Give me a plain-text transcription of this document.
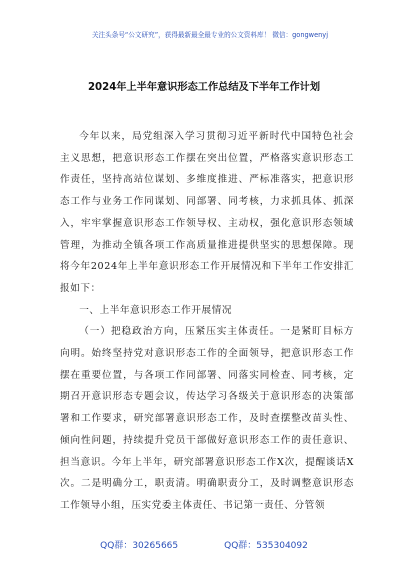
关注头条号“公文研究”，获得最新最全最专业的公文资料库！ 微信：gongwenyj
2024年上半年意识形态工作总结及下半年工作计划

今年以来，局党组深入学习贯彻习近平新时代中国特色社会主义思想，把意识形态工作摆在突出位置，严格落实意识形态工作责任，坚持高站位谋划、多维度推进、严标准落实，把意识形态工作与业务工作同谋划、同部署、同考核，力求抓具体、抓深入，牢牢掌握意识形态工作领导权、主动权，强化意识形态领域管理，为推动全镇各项工作高质量推进提供坚实的思想保障。现将今年2024年上半年意识形态工作开展情况和下半年工作安排汇报如下：

一、上半年意识形态工作开展情况

（一）把稳政治方向，压紧压实主体责任。一是紧盯目标方向明。始终坚持党对意识形态工作的全面领导，把意识形态工作摆在重要位置，与各项工作同部署、同落实同检查、同考核，定期召开意识形态专题会议，传达学习各级关于意识形态的决策部署和工作要求，研究部署意识形态工作，及时查摆整改苗头性、倾向性问题，持续提升党员干部做好意识形态工作的责任意识、担当意识。今年上半年，研究部署意识形态工作X次，提醒谈话X次。二是明确分工，职责清。明确职责分工，及时调整意识形态工作领导小组，压实党委主体责任、书记第一责任、分管领

QQ群：30265665	QQ群：535304092
